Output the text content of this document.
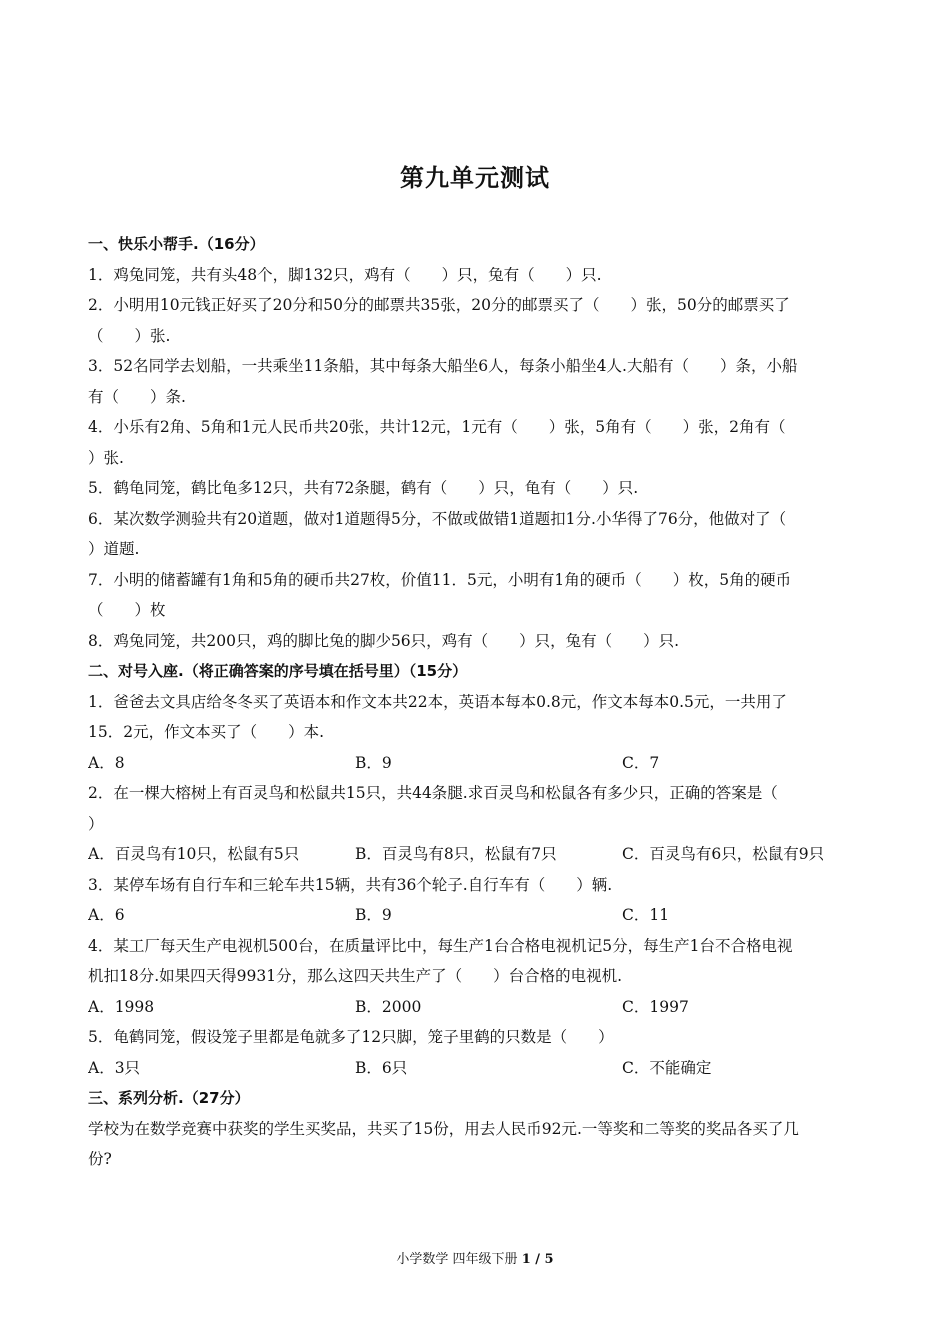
第九单元测试
一、快乐小帮手.（16分）
1．鸡兔同笼，共有头48个，脚132只，鸡有（　　）只，兔有（　　）只.
2．小明用10元钱正好买了20分和50分的邮票共35张，20分的邮票买了（　　）张，50分的邮票买了
（　　）张.
3．52名同学去划船，一共乘坐11条船，其中每条大船坐6人，每条小船坐4人.大船有（　　）条，小船
有（　　）条.
4．小乐有2角、5角和1元人民币共20张，共计12元，1元有（　　）张，5角有（　　）张，2角有（
）张.
5．鹤龟同笼，鹤比龟多12只，共有72条腿，鹤有（　　）只，龟有（　　）只.
6．某次数学测验共有20道题，做对1道题得5分，不做或做错1道题扣1分.小华得了76分，他做对了（
）道题.
7．小明的储蓄罐有1角和5角的硬币共27枚，价值11．5元，小明有1角的硬币（　　）枚，5角的硬币
（　　）枚
8．鸡兔同笼，共200只，鸡的脚比兔的脚少56只，鸡有（　　）只，兔有（　　）只.
二、对号入座.（将正确答案的序号填在括号里）（15分）
1．爸爸去文具店给冬冬买了英语本和作文本共22本，英语本每本0.8元，作文本每本0.5元，一共用了
15．2元，作文本买了（　　）本.
A．8	B．9	C．7
2．在一棵大榕树上有百灵鸟和松鼠共15只，共44条腿.求百灵鸟和松鼠各有多少只，正确的答案是（
）
A．百灵鸟有10只，松鼠有5只	B．百灵鸟有8只，松鼠有7只	C．百灵鸟有6只，松鼠有9只
3．某停车场有自行车和三轮车共15辆，共有36个轮子.自行车有（　　）辆.
A．6	B．9	C．11
4．某工厂每天生产电视机500台，在质量评比中，每生产1台合格电视机记5分，每生产1台不合格电视
机扣18分.如果四天得9931分，那么这四天共生产了（　　）台合格的电视机.
A．1998	B．2000	C．1997
5．龟鹤同笼，假设笼子里都是龟就多了12只脚，笼子里鹤的只数是（　　）
A．3只	B．6只	C．不能确定
三、系列分析.（27分）
学校为在数学竞赛中获奖的学生买奖品，共买了15份，用去人民币92元.一等奖和二等奖的奖品各买了几
份?
小学数学 四年级下册 1 / 5
